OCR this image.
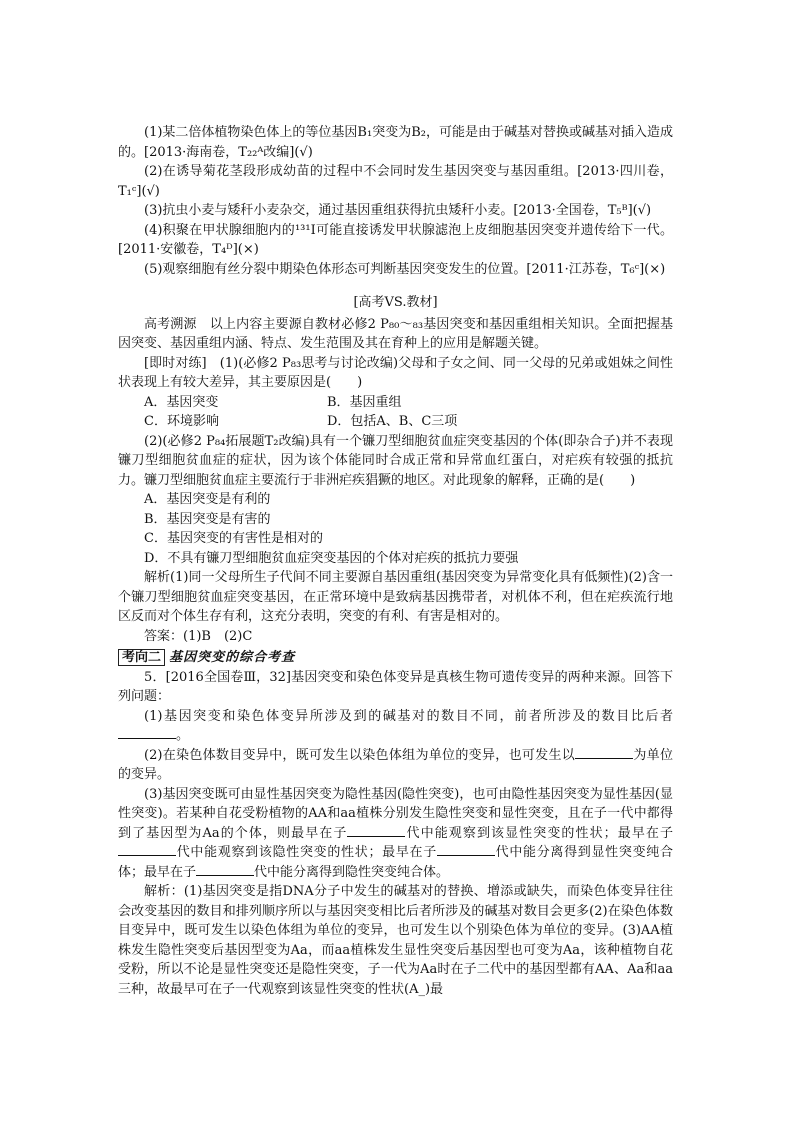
(1)某二倍体植物染色体上的等位基因B₁突变为B₂，可能是由于碱基对替换或碱基对插入造成的。[2013·海南卷，T₂₂ᴬ改编](√)

(2)在诱导菊花茎段形成幼苗的过程中不会同时发生基因突变与基因重组。[2013·四川卷，T₁ᶜ](√)

(3)抗虫小麦与矮秆小麦杂交，通过基因重组获得抗虫矮秆小麦。[2013·全国卷，T₅ᴮ](√)

(4)积聚在甲状腺细胞内的¹³¹I可能直接诱发甲状腺滤泡上皮细胞基因突变并遗传给下一代。[2011·安徽卷，T₄ᴰ](×)

(5)观察细胞有丝分裂中期染色体形态可判断基因突变发生的位置。[2011·江苏卷，T₆ᶜ](×)

[高考VS.教材]

高考溯源　以上内容主要源自教材必修2 P₈₀～₈₃基因突变和基因重组相关知识。全面把握基因突变、基因重组内涵、特点、发生范围及其在育种上的应用是解题关键。

[即时对练]　(1)(必修2 P₈₃思考与讨论改编)父母和子女之间、同一父母的兄弟或姐妹之间性状表现上有较大差异，其主要原因是(　　)

A．基因突变	B．基因重组
C．环境影响	D．包括A、B、C三项

(2)(必修2 P₈₄拓展题T₂改编)具有一个镰刀型细胞贫血症突变基因的个体(即杂合子)并不表现镰刀型细胞贫血症的症状，因为该个体能同时合成正常和异常血红蛋白，对疟疾有较强的抵抗力。镰刀型细胞贫血症主要流行于非洲疟疾猖獗的地区。对此现象的解释，正确的是(　　)

A．基因突变是有利的

B．基因突变是有害的

C．基因突变的有害性是相对的

D．不具有镰刀型细胞贫血症突变基因的个体对疟疾的抵抗力要强

解析(1)同一父母所生子代间不同主要源自基因重组(基因突变为异常变化具有低频性)(2)含一个镰刀型细胞贫血症突变基因，在正常环境中是致病基因携带者，对机体不利，但在疟疾流行地区反而对个体生存有利，这充分表明，突变的有利、有害是相对的。

答案：(1)B　(2)C

考向二 基因突变的综合考查

5．[2016全国卷Ⅲ，32]基因突变和染色体变异是真核生物可遗传变异的两种来源。回答下列问题：

(1)基因突变和染色体变异所涉及到的碱基对的数目不同，前者所涉及的数目比后者。

(2)在染色体数目变异中，既可发生以染色体组为单位的变异，也可发生以	为单位的变异。

(3)基因突变既可由显性基因突变为隐性基因(隐性突变)，也可由隐性基因突变为显性基因(显性突变)。若某种自花受粉植物的AA和aa植株分别发生隐性突变和显性突变，且在子一代中都得到了基因型为Aa的个体，则最早在子	代中能观察到该显性突变的性状；最早在子代中能观察到该隐性突变的性状；最早在子	代中能分离得到显性突变纯合体；最早在子	代中能分离得到隐性突变纯合体。

解析：(1)基因突变是指DNA分子中发生的碱基对的替换、增添或缺失，而染色体变异往往会改变基因的数目和排列顺序所以与基因突变相比后者所涉及的碱基对数目会更多(2)在染色体数目变异中，既可发生以染色体组为单位的变异，也可发生以个别染色体为单位的变异。(3)AA植株发生隐性突变后基因型变为Aa，而aa植株发生显性突变后基因型也可变为Aa，该种植物自花受粉，所以不论是显性突变还是隐性突变，子一代为Aa时在子二代中的基因型都有AA、Aa和aa三种，故最早可在子一代观察到该显性突变的性状(A_)最
